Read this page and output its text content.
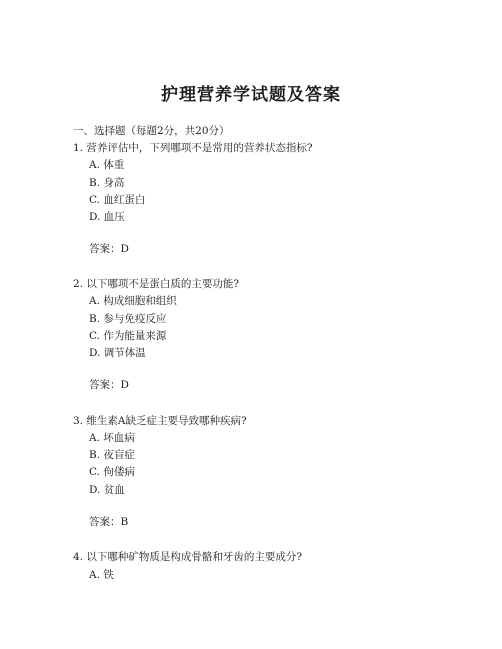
护理营养学试题及答案
一、选择题（每题2分，共20分）
1. 营养评估中，下列哪项不是常用的营养状态指标?
A. 体重
B. 身高
C. 血红蛋白
D. 血压
答案：D
2. 以下哪项不是蛋白质的主要功能?
A. 构成细胞和组织
B. 参与免疫反应
C. 作为能量来源
D. 调节体温
答案：D
3. 维生素A缺乏症主要导致哪种疾病?
A. 坏血病
B. 夜盲症
C. 佝偻病
D. 贫血
答案：B
4. 以下哪种矿物质是构成骨骼和牙齿的主要成分?
A. 铁
